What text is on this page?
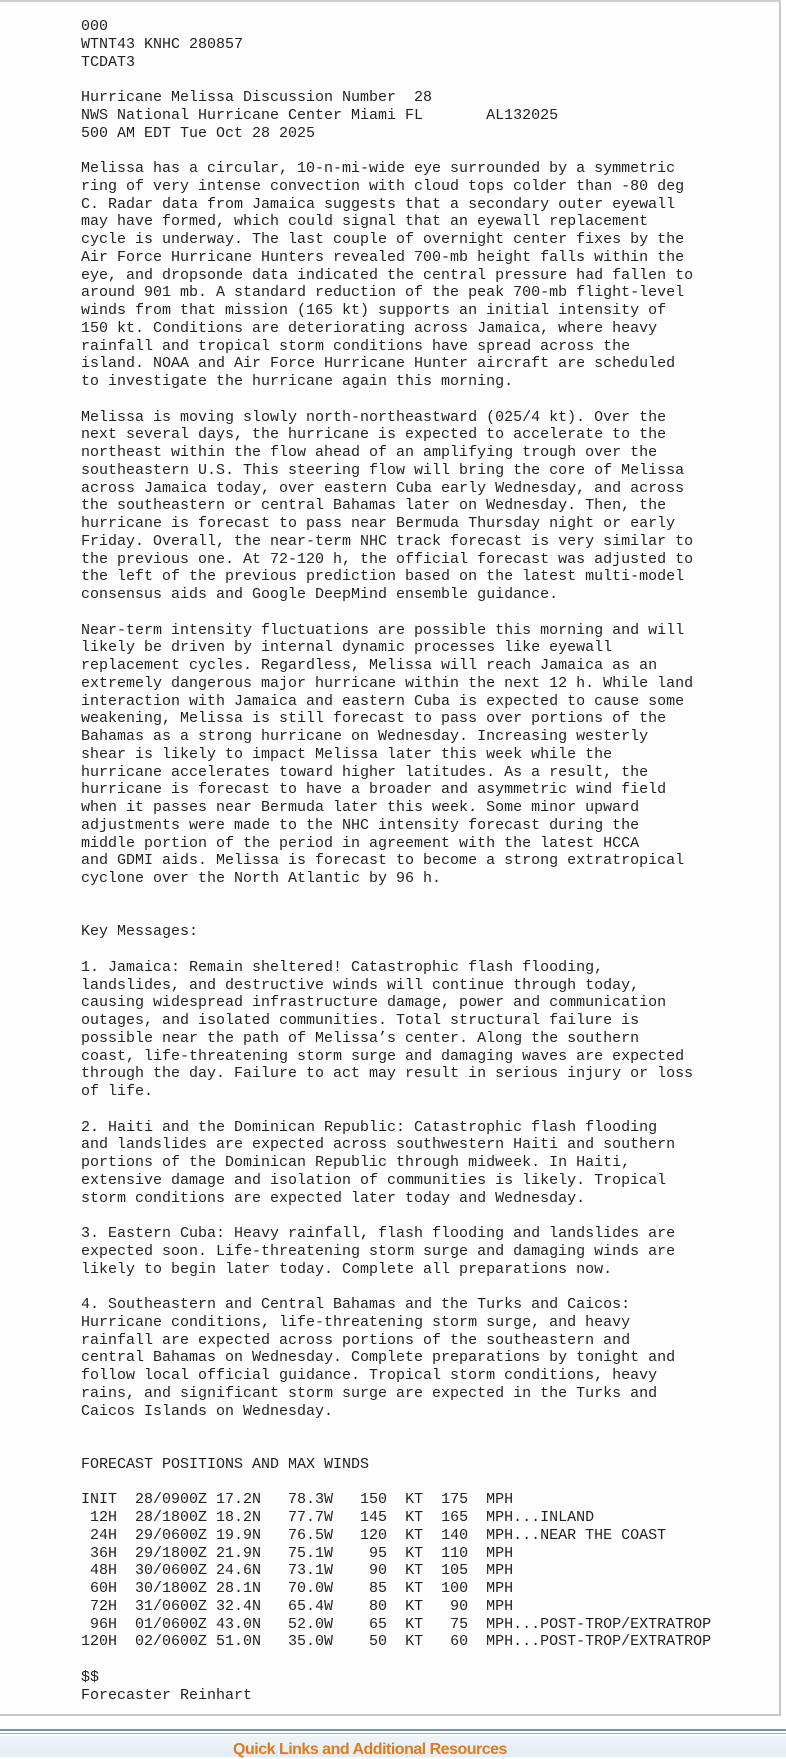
000
WTNT43 KNHC 280857
TCDAT3
Hurricane Melissa Discussion Number  28
NWS National Hurricane Center Miami FL       AL132025
500 AM EDT Tue Oct 28 2025
Melissa has a circular, 10-n-mi-wide eye surrounded by a symmetric
ring of very intense convection with cloud tops colder than -80 deg
C. Radar data from Jamaica suggests that a secondary outer eyewall
may have formed, which could signal that an eyewall replacement
cycle is underway. The last couple of overnight center fixes by the
Air Force Hurricane Hunters revealed 700-mb height falls within the
eye, and dropsonde data indicated the central pressure had fallen to
around 901 mb. A standard reduction of the peak 700-mb flight-level
winds from that mission (165 kt) supports an initial intensity of
150 kt. Conditions are deteriorating across Jamaica, where heavy
rainfall and tropical storm conditions have spread across the
island. NOAA and Air Force Hurricane Hunter aircraft are scheduled
to investigate the hurricane again this morning.
Melissa is moving slowly north-northeastward (025/4 kt). Over the
next several days, the hurricane is expected to accelerate to the
northeast within the flow ahead of an amplifying trough over the
southeastern U.S. This steering flow will bring the core of Melissa
across Jamaica today, over eastern Cuba early Wednesday, and across
the southeastern or central Bahamas later on Wednesday. Then, the
hurricane is forecast to pass near Bermuda Thursday night or early
Friday. Overall, the near-term NHC track forecast is very similar to
the previous one. At 72-120 h, the official forecast was adjusted to
the left of the previous prediction based on the latest multi-model
consensus aids and Google DeepMind ensemble guidance.
Near-term intensity fluctuations are possible this morning and will
likely be driven by internal dynamic processes like eyewall
replacement cycles. Regardless, Melissa will reach Jamaica as an
extremely dangerous major hurricane within the next 12 h. While land
interaction with Jamaica and eastern Cuba is expected to cause some
weakening, Melissa is still forecast to pass over portions of the
Bahamas as a strong hurricane on Wednesday. Increasing westerly
shear is likely to impact Melissa later this week while the
hurricane accelerates toward higher latitudes. As a result, the
hurricane is forecast to have a broader and asymmetric wind field
when it passes near Bermuda later this week. Some minor upward
adjustments were made to the NHC intensity forecast during the
middle portion of the period in agreement with the latest HCCA
and GDMI aids. Melissa is forecast to become a strong extratropical
cyclone over the North Atlantic by 96 h.
Key Messages:
1. Jamaica: Remain sheltered! Catastrophic flash flooding,
landslides, and destructive winds will continue through today,
causing widespread infrastructure damage, power and communication
outages, and isolated communities. Total structural failure is
possible near the path of Melissa’s center. Along the southern
coast, life-threatening storm surge and damaging waves are expected
through the day. Failure to act may result in serious injury or loss
of life.
2. Haiti and the Dominican Republic: Catastrophic flash flooding
and landslides are expected across southwestern Haiti and southern
portions of the Dominican Republic through midweek. In Haiti,
extensive damage and isolation of communities is likely. Tropical
storm conditions are expected later today and Wednesday.
3. Eastern Cuba: Heavy rainfall, flash flooding and landslides are
expected soon. Life-threatening storm surge and damaging winds are
likely to begin later today. Complete all preparations now.
4. Southeastern and Central Bahamas and the Turks and Caicos:
Hurricane conditions, life-threatening storm surge, and heavy
rainfall are expected across portions of the southeastern and
central Bahamas on Wednesday. Complete preparations by tonight and
follow local official guidance. Tropical storm conditions, heavy
rains, and significant storm surge are expected in the Turks and
Caicos Islands on Wednesday.
FORECAST POSITIONS AND MAX WINDS
INIT 28/0900Z 17.2N 78.3W 150 KT 175 MPH
12H 28/1800Z 18.2N 77.7W 145 KT 165 MPH...INLAND
24H 29/0600Z 19.9N 76.5W 120 KT 140 MPH...NEAR THE COAST
36H 29/1800Z 21.9N 75.1W 95 KT 110 MPH
48H 30/0600Z 24.6N 73.1W 90 KT 105 MPH
60H 30/1800Z 28.1N 70.0W 85 KT 100 MPH
72H 31/0600Z 32.4N 65.4W 80 KT 90 MPH
96H 01/0600Z 43.0N 52.0W 65 KT 75 MPH...POST-TROP/EXTRATROP
120H 02/0600Z 51.0N 35.0W 50 KT 60 MPH...POST-TROP/EXTRATROP
$$
Forecaster Reinhart
Quick Links and Additional Resources
